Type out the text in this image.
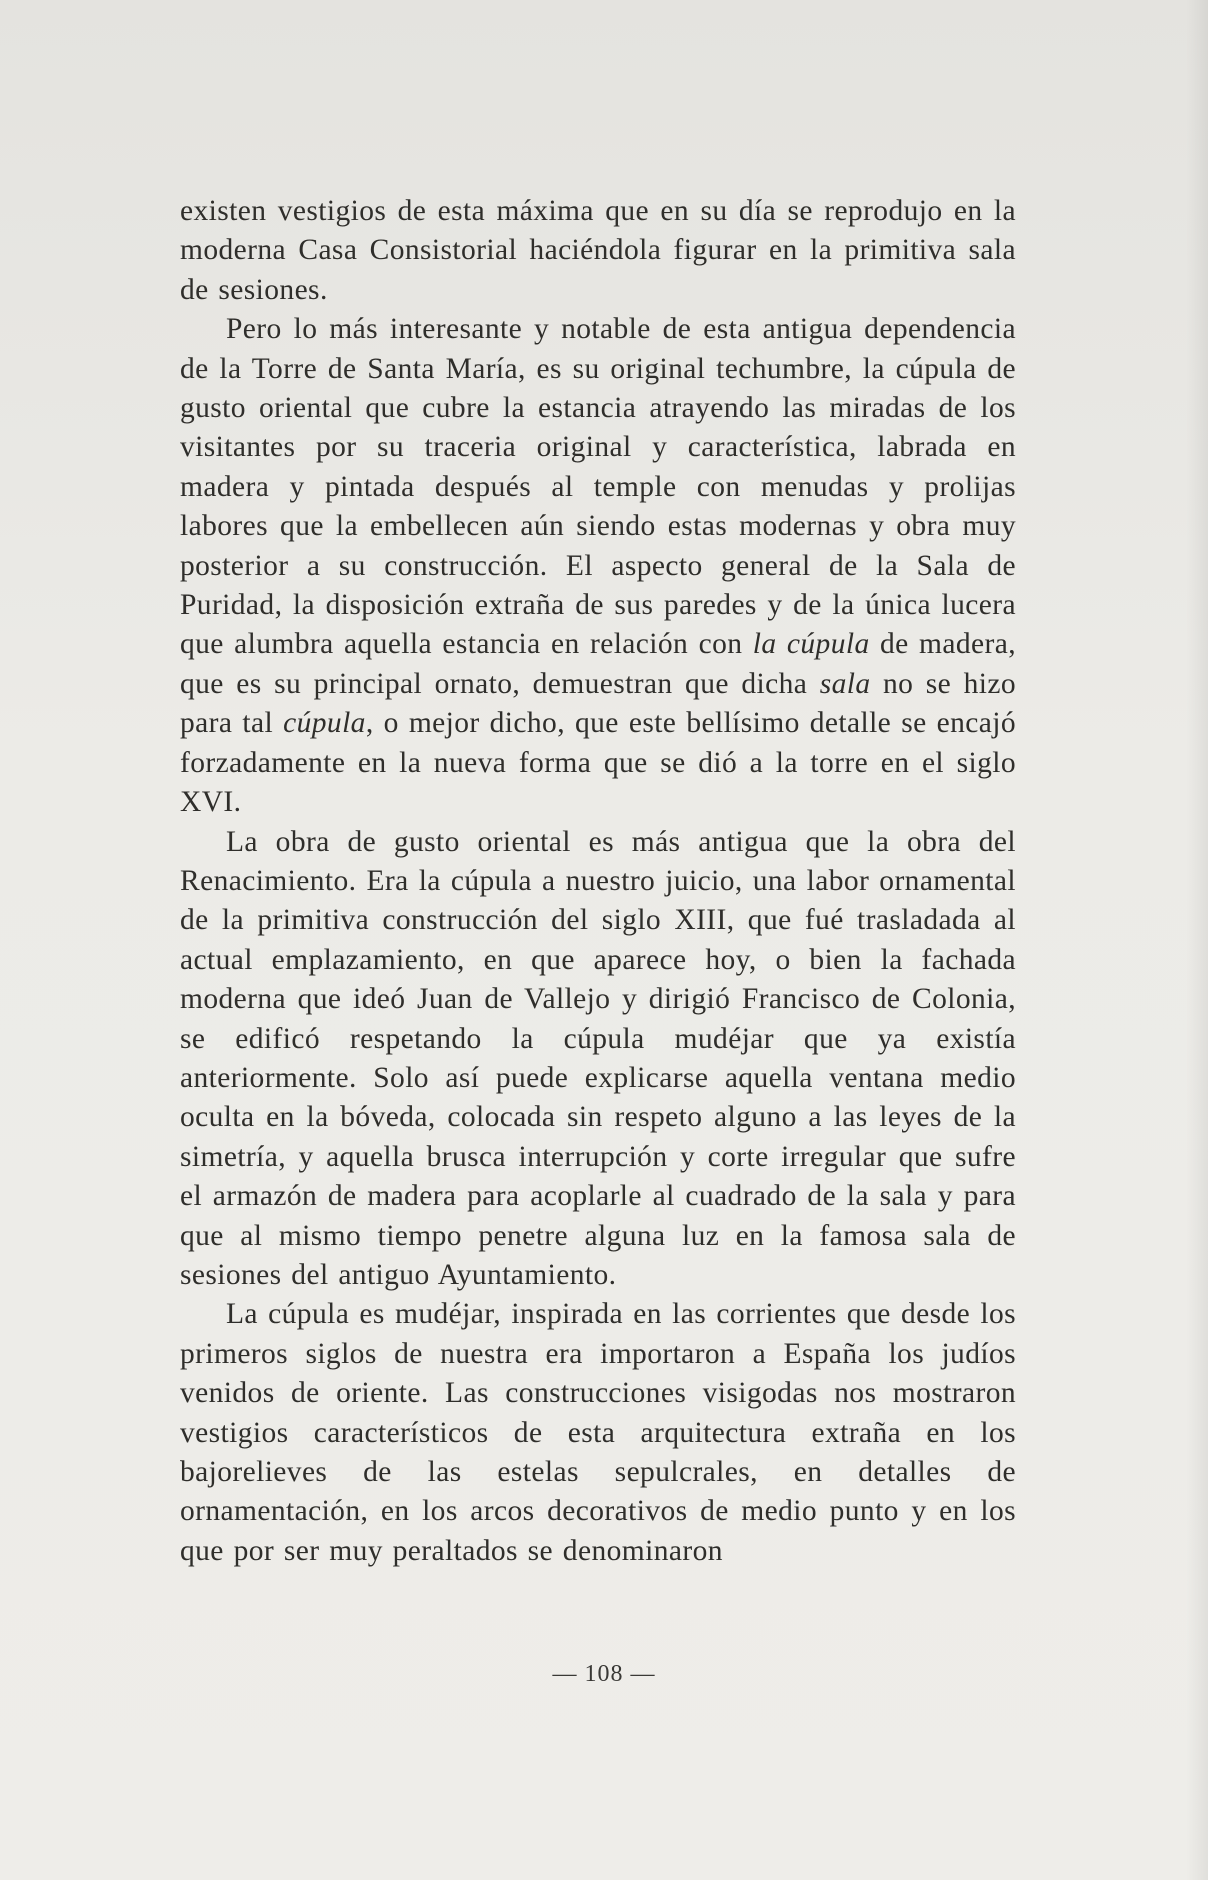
existen vestigios de esta máxima que en su día se reprodujo en la moderna Casa Consistorial haciéndola figurar en la primitiva sala de sesiones.

Pero lo más interesante y notable de esta antigua dependencia de la Torre de Santa María, es su original techumbre, la cúpula de gusto oriental que cubre la estancia atrayendo las miradas de los visitantes por su traceria original y característica, labrada en madera y pintada después al temple con menudas y prolijas labores que la embellecen aún siendo estas modernas y obra muy posterior a su construcción. El aspecto general de la Sala de Puridad, la disposición extraña de sus paredes y de la única lucera que alumbra aquella estancia en relación con la cúpula de madera, que es su principal ornato, demuestran que dicha sala no se hizo para tal cúpula, o mejor dicho, que este bellísimo detalle se encajó forzadamente en la nueva forma que se dió a la torre en el siglo XVI.

La obra de gusto oriental es más antigua que la obra del Renacimiento. Era la cúpula a nuestro juicio, una labor ornamental de la primitiva construcción del siglo XIII, que fué trasladada al actual emplazamiento, en que aparece hoy, o bien la fachada moderna que ideó Juan de Vallejo y dirigió Francisco de Colonia, se edificó respetando la cúpula mudéjar que ya existía anteriormente. Solo así puede explicarse aquella ventana medio oculta en la bóveda, colocada sin respeto alguno a las leyes de la simetría, y aquella brusca interrupción y corte irregular que sufre el armazón de madera para acoplarle al cuadrado de la sala y para que al mismo tiempo penetre alguna luz en la famosa sala de sesiones del antiguo Ayuntamiento.

La cúpula es mudéjar, inspirada en las corrientes que desde los primeros siglos de nuestra era importaron a España los judíos venidos de oriente. Las construcciones visigodas nos mostraron vestigios característicos de esta arquitectura extraña en los bajorelieves de las estelas sepulcrales, en detalles de ornamentación, en los arcos decorativos de medio punto y en los que por ser muy peraltados se denominaron

— 108 —
